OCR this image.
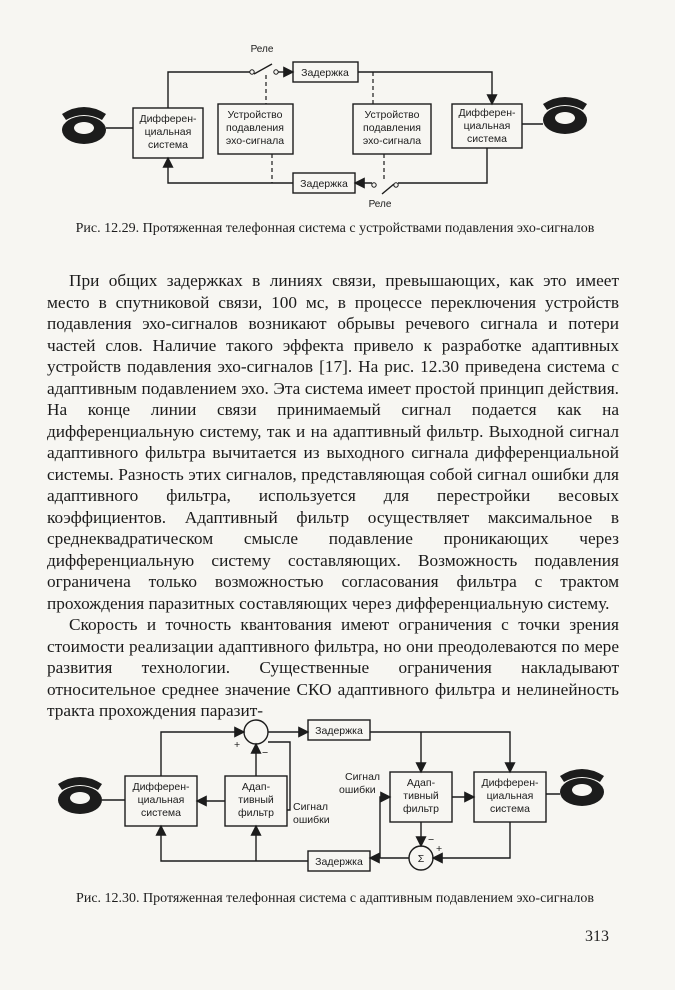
Дифферен-
циальная
система
Устройство
подавления
эхо-сигнала
Устройство
подавления
эхо-сигнала
Дифферен-
циальная
система
Задержка
Задержка
Реле
Реле
Рис. 12.29. Протяженная телефонная система с устройствами подавления эхо-сигналов

При общих задержках в линиях связи, превышающих, как это имеет место в спутниковой связи, 100 мс, в процессе переключения устройств подавления эхо-сигналов возникают обрывы речевого сигнала и потери частей слов. Наличие такого эффекта привело к разработке адаптивных устройств подавления эхо-сигналов [17]. На рис. 12.30 приведена система с адаптивным подавлением эхо. Эта система имеет простой принцип действия. На конце линии связи принимаемый сигнал подается как на дифференциальную систему, так и на адаптивный фильтр. Выходной сигнал адаптивного фильтра вычитается из выходного сигнала дифференциальной системы. Разность этих сигналов, представляющая собой сигнал ошибки для адаптивного фильтра, используется для перестройки весовых коэффициентов. Адаптивный фильтр осуществляет максимальное в среднеквадратическом смысле подавление проникающих через дифференциальную систему составляющих. Возможность подавления ограничена только возможностью согласования фильтра с трактом прохождения паразитных составляющих через дифференциальную систему.

Скорость и точность квантования имеют ограничения с точки зрения стоимости реализации адаптивного фильтра, но они преодолеваются по мере развития технологии. Существенные ограничения накладывают относительное среднее значение СКО адаптивного фильтра и нелинейность тракта прохождения паразит-

Дифферен-
циальная
система
Адап-
тивный
фильтр
Адап-
тивный
фильтр
Дифферен-
циальная
система
Задержка
Задержка	Σ
+
−
−
+
Сигнал
ошибки
Сигнал
ошибки
Рис. 12.30. Протяженная телефонная система с адаптивным подавлением эхо-сигналов
313
